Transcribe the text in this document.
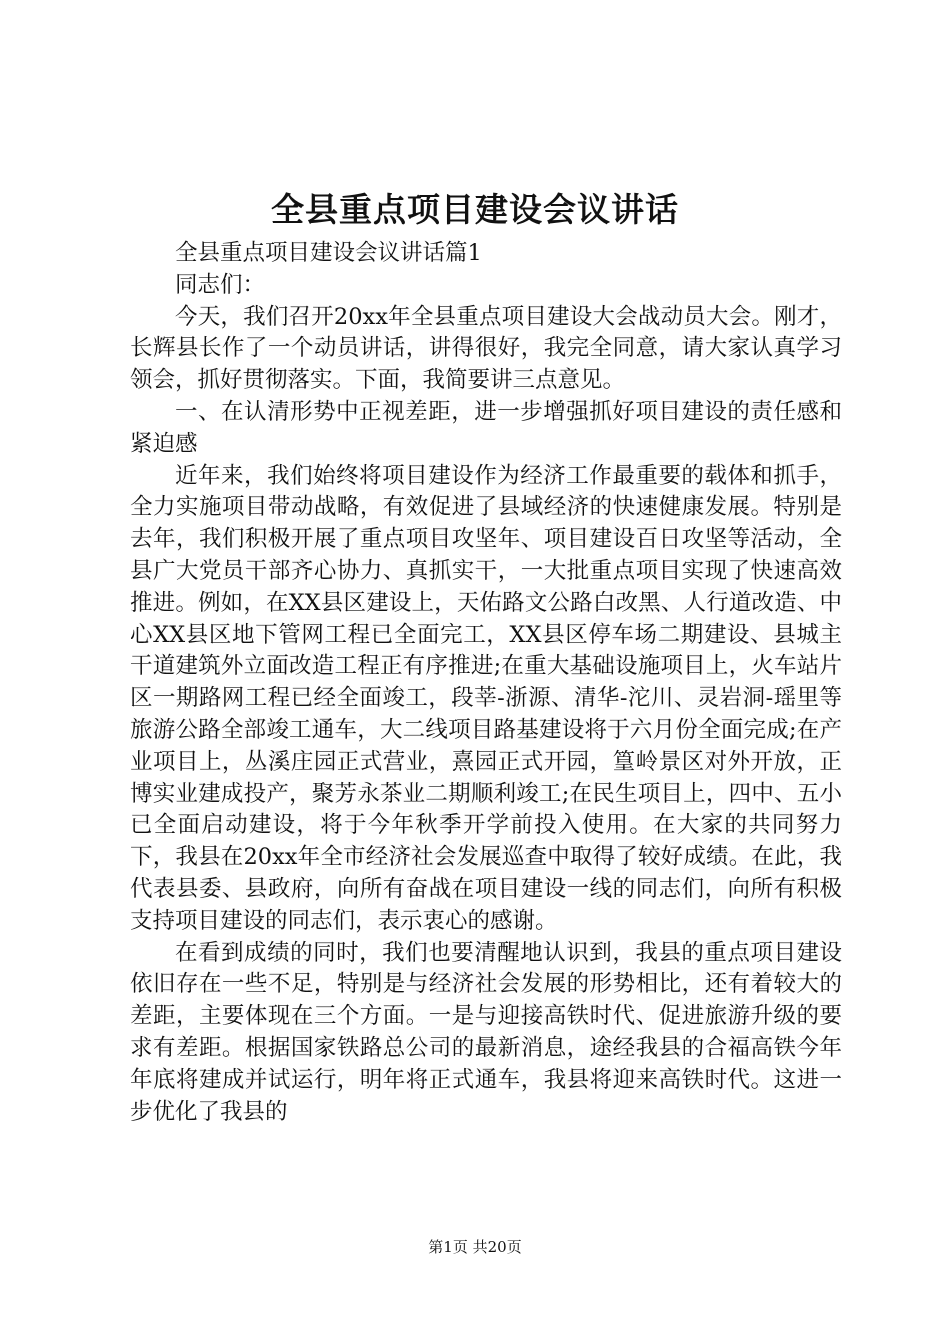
全县重点项目建设会议讲话

全县重点项目建设会议讲话篇1

同志们：

今天，我们召开20xx年全县重点项目建设大会战动员大会。刚才，长辉县长作了一个动员讲话，讲得很好，我完全同意，请大家认真学习领会，抓好贯彻落实。下面，我简要讲三点意见。

一、在认清形势中正视差距，进一步增强抓好项目建设的责任感和紧迫感

近年来，我们始终将项目建设作为经济工作最重要的载体和抓手，全力实施项目带动战略，有效促进了县域经济的快速健康发展。特别是去年，我们积极开展了重点项目攻坚年、项目建设百日攻坚等活动，全县广大党员干部齐心协力、真抓实干，一大批重点项目实现了快速高效推进。例如，在XX县区建设上，天佑路文公路白改黑、人行道改造、中心XX县区地下管网工程已全面完工，XX县区停车场二期建设、县城主干道建筑外立面改造工程正有序推进;在重大基础设施项目上，火车站片区一期路网工程已经全面竣工，段莘-浙源、清华-沱川、灵岩洞-瑶里等旅游公路全部竣工通车，大二线项目路基建设将于六月份全面完成;在产业项目上，丛溪庄园正式营业，熹园正式开园，篁岭景区对外开放，正博实业建成投产，聚芳永茶业二期顺利竣工;在民生项目上，四中、五小已全面启动建设，将于今年秋季开学前投入使用。在大家的共同努力下，我县在20xx年全市经济社会发展巡查中取得了较好成绩。在此，我代表县委、县政府，向所有奋战在项目建设一线的同志们，向所有积极支持项目建设的同志们，表示衷心的感谢。

在看到成绩的同时，我们也要清醒地认识到，我县的重点项目建设依旧存在一些不足，特别是与经济社会发展的形势相比，还有着较大的差距，主要体现在三个方面。一是与迎接高铁时代、促进旅游升级的要求有差距。根据国家铁路总公司的最新消息，途经我县的合福高铁今年年底将建成并试运行，明年将正式通车，我县将迎来高铁时代。这进一步优化了我县的

第1页 共20页
